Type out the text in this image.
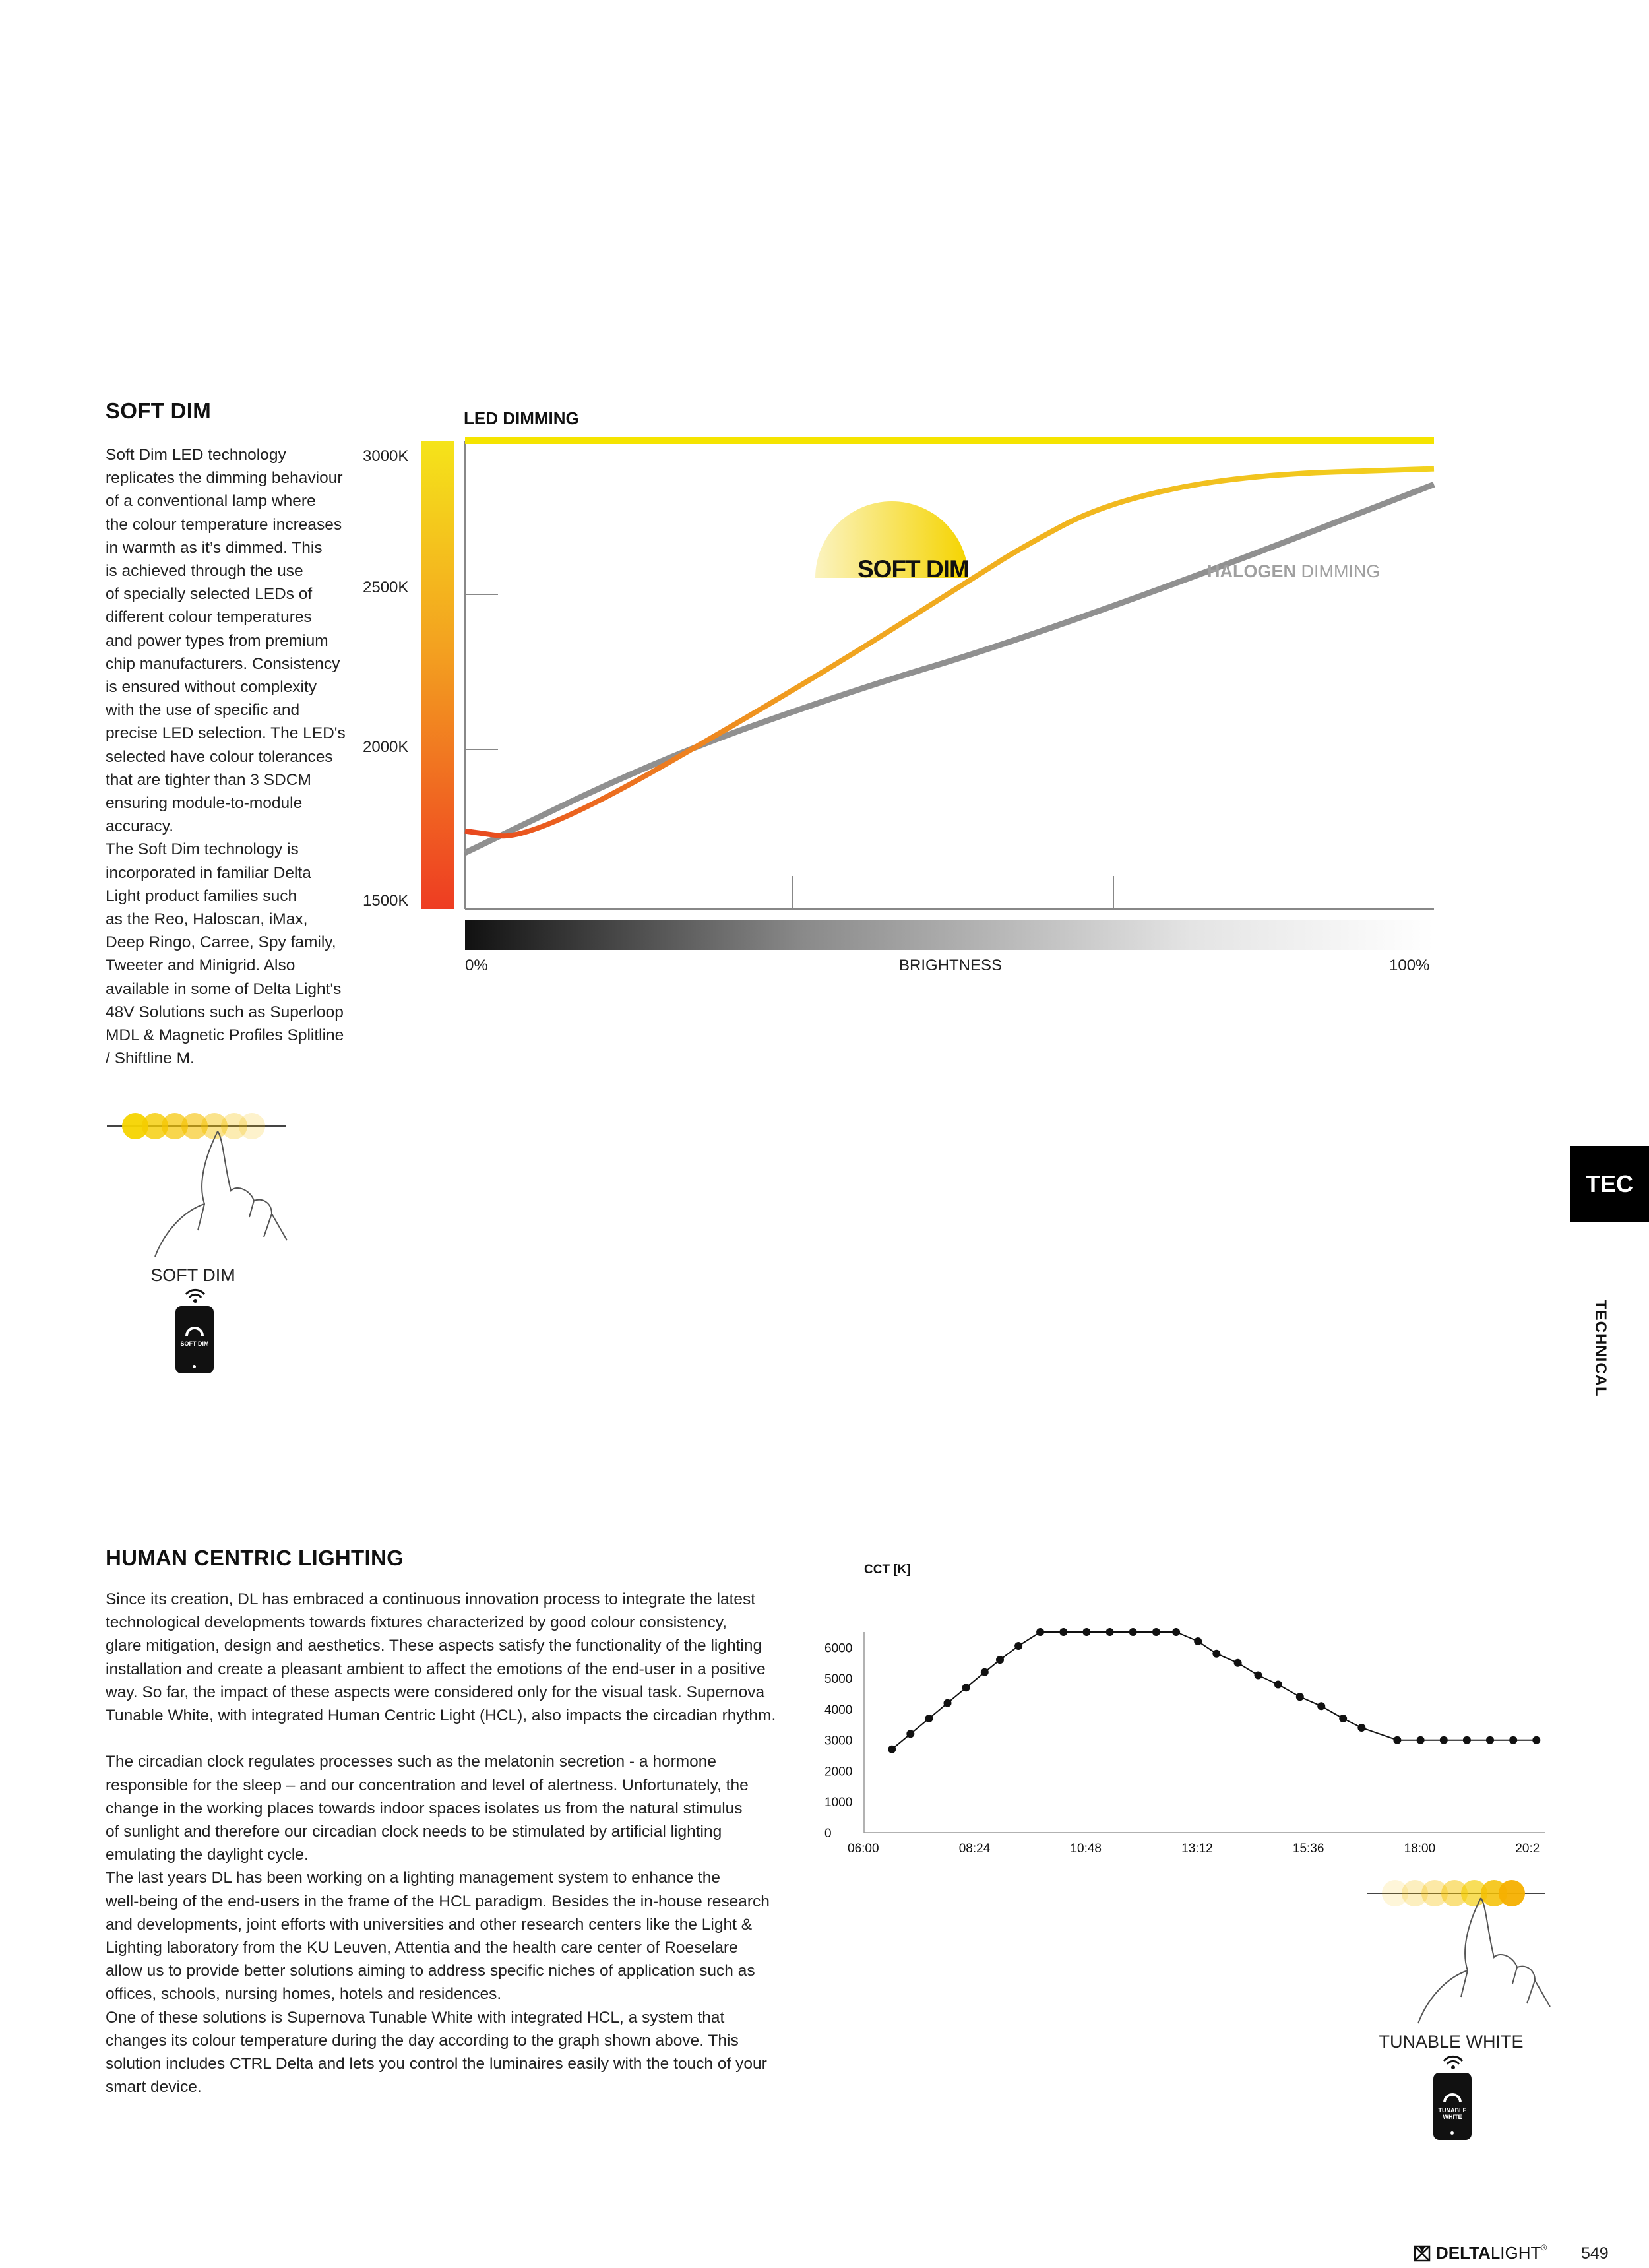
SOFT DIM
Soft Dim LED technology
replicates the dimming behaviour
of a conventional lamp where
the colour temperature increases
in warmth as it’s dimmed. This
is achieved through the use
of specially selected LEDs of
different colour temperatures
and power types from premium
chip manufacturers. Consistency
is ensured without complexity
with the use of specific and
precise LED selection. The LED's
selected have colour tolerances
that are tighter than 3 SDCM
ensuring module-to-module
accuracy.
The Soft Dim technology is
incorporated in familiar Delta
Light product families such
as the Reo, Haloscan, iMax,
Deep Ringo, Carree, Spy family,
Tweeter and Minigrid. Also
available in some of Delta Light's
48V Solutions such as Superloop
MDL & Magnetic Profiles Splitline
/ Shiftline M.
LED DIMMING
3000K
2500K
2000K
1500K
SOFT DIM	HALOGEN DIMMING
0%	BRIGHTNESS	100%
SOFT DIM
SOFT DIM
TEC
TECHNICAL
HUMAN CENTRIC LIGHTING
Since its creation, DL has embraced a continuous innovation process to integrate the latest
technological developments towards fixtures characterized by good colour consistency,
glare mitigation, design and aesthetics. These aspects satisfy the functionality of the lighting
installation and create a pleasant ambient to affect the emotions of the end-user in a positive
way. So far, the impact of these aspects were considered only for the visual task. Supernova
Tunable White, with integrated Human Centric Light (HCL), also impacts the circadian rhythm.

The circadian clock regulates processes such as the melatonin secretion - a hormone
responsible for the sleep – and our concentration and level of alertness. Unfortunately, the
change in the working places towards indoor spaces isolates us from the natural stimulus
of sunlight and therefore our circadian clock needs to be stimulated by artificial lighting
emulating the daylight cycle.
The last years DL has been working on a lighting management system to enhance the
well-being of the end-users in the frame of the HCL paradigm. Besides the in-house research
and developments, joint efforts with universities and other research centers like the Light &
Lighting laboratory from the KU Leuven, Attentia and the health care center of Roeselare
allow us to provide better solutions aiming to address specific niches of application such as
offices, schools, nursing homes, hotels and residences.
One of these solutions is Supernova Tunable White with integrated HCL, a system that
changes its colour temperature during the day according to the graph shown above. This
solution includes CTRL Delta and lets you control the luminaires easily with the touch of your
smart device.
CCT [K]
0
1000
2000
3000
4000
5000
6000
06:00	08:24	10:48	13:12	15:36	18:00	20:2
TUNABLE WHITE
TUNABLE WHITE
DELTA LIGHT ® 549
